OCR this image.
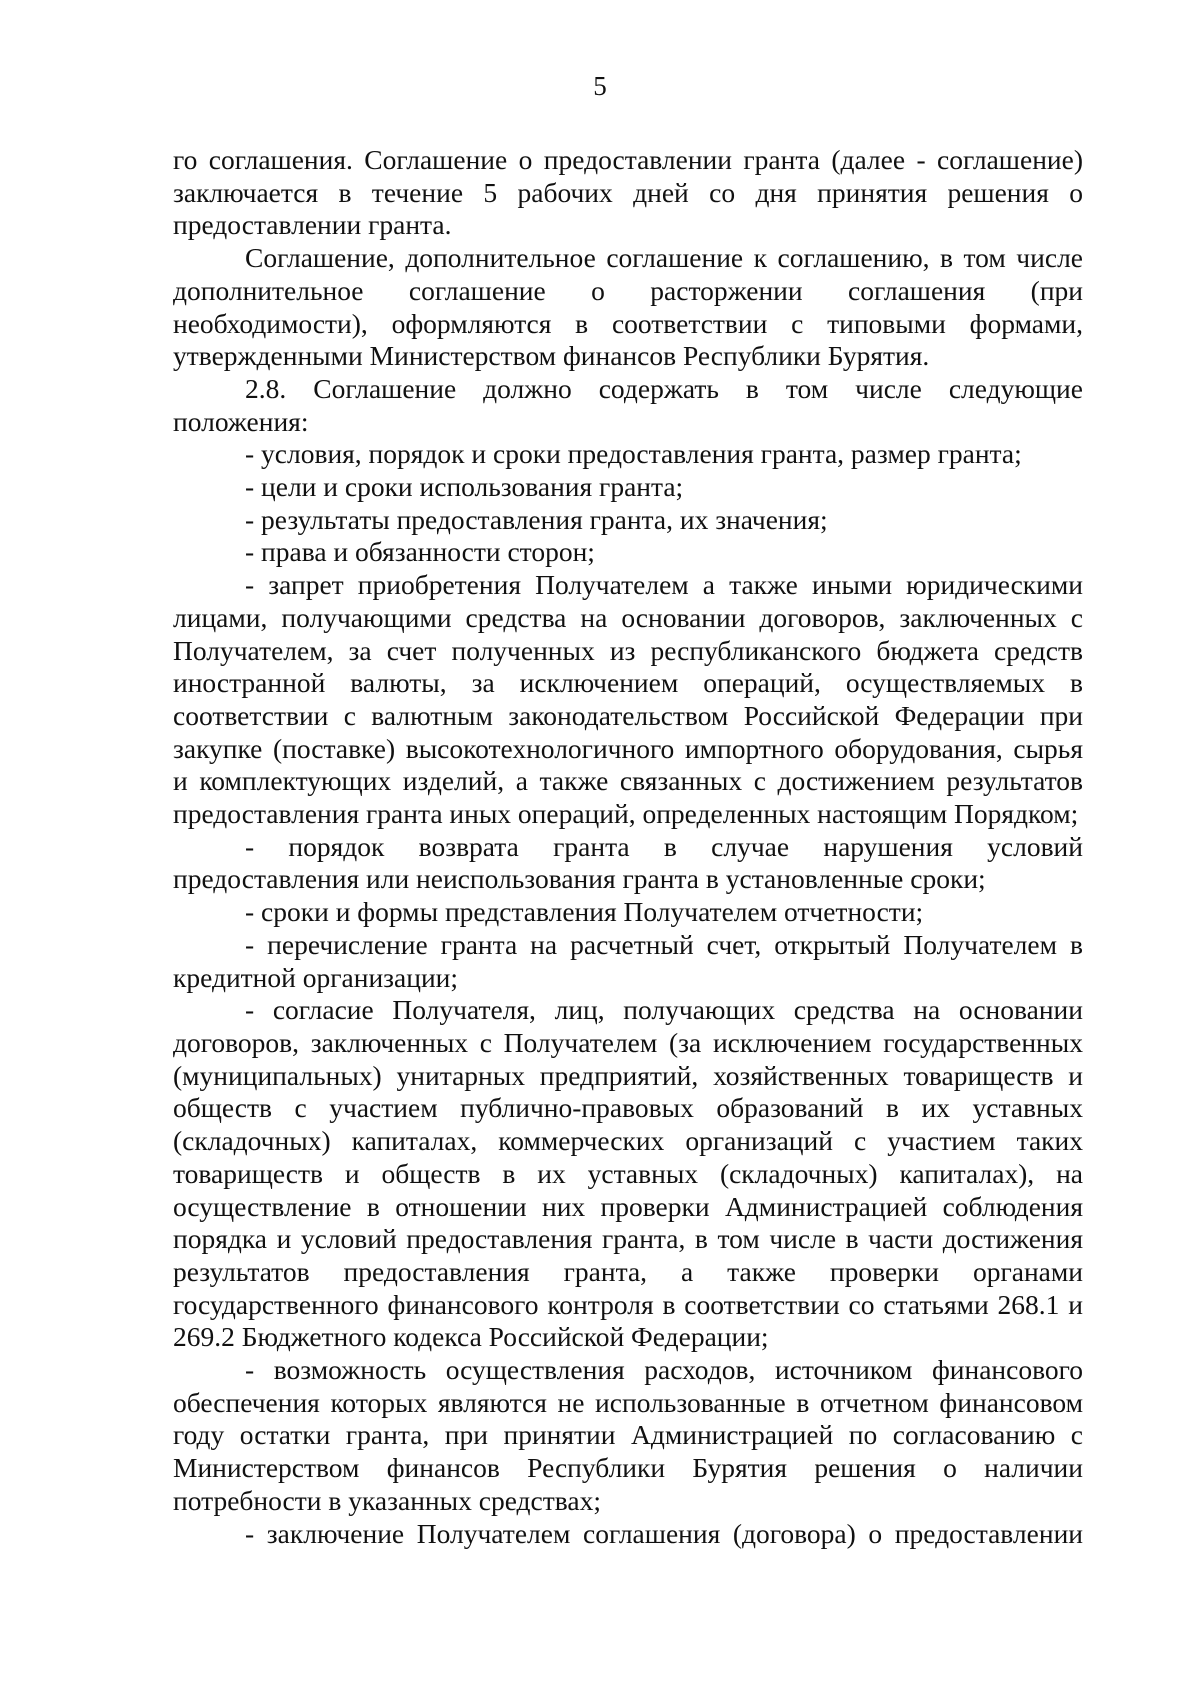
5

го соглашения. Соглашение о предоставлении гранта (далее - соглашение) заключается в течение 5 рабочих дней со дня принятия решения о предоставлении гранта.

Соглашение, дополнительное соглашение к соглашению, в том числе дополнительное соглашение о расторжении соглашения (при необходимости), оформляются в соответствии с типовыми формами, утвержденными Министерством финансов Республики Бурятия.

2.8. Соглашение должно содержать в том числе следующие положения:

- условия, порядок и сроки предоставления гранта, размер гранта;

- цели и сроки использования гранта;

- результаты предоставления гранта, их значения;

- права и обязанности сторон;

- запрет приобретения Получателем а также иными юридическими лицами, получающими средства на основании договоров, заключенных с Получателем, за счет полученных из республиканского бюджета средств иностранной валюты, за исключением операций, осуществляемых в соответствии с валютным законодательством Российской Федерации при закупке (поставке) высокотехнологичного импортного оборудования, сырья и комплектующих изделий, а также связанных с достижением результатов предоставления гранта иных операций, определенных настоящим Порядком;

- порядок возврата гранта в случае нарушения условий предоставления или неиспользования гранта в установленные сроки;

- сроки и формы представления Получателем отчетности;

- перечисление гранта на расчетный счет, открытый Получателем в кредитной организации;

- согласие Получателя, лиц, получающих средства на основании договоров, заключенных с Получателем (за исключением государственных (муниципальных) унитарных предприятий, хозяйственных товариществ и обществ с участием публично-правовых образований в их уставных (складочных) капиталах, коммерческих организаций с участием таких товариществ и обществ в их уставных (складочных) капиталах), на осуществление в отношении них проверки Администрацией соблюдения порядка и условий предоставления гранта, в том числе в части достижения результатов предоставления гранта, а также проверки органами государственного финансового контроля в соответствии со статьями 268.1 и 269.2 Бюджетного кодекса Российской Федерации;

- возможность осуществления расходов, источником финансового обеспечения которых являются не использованные в отчетном финансовом году остатки гранта, при принятии Администрацией по согласованию с Министерством финансов Республики Бурятия решения о наличии потребности в указанных средствах;

- заключение Получателем соглашения (договора) о предоставлении
